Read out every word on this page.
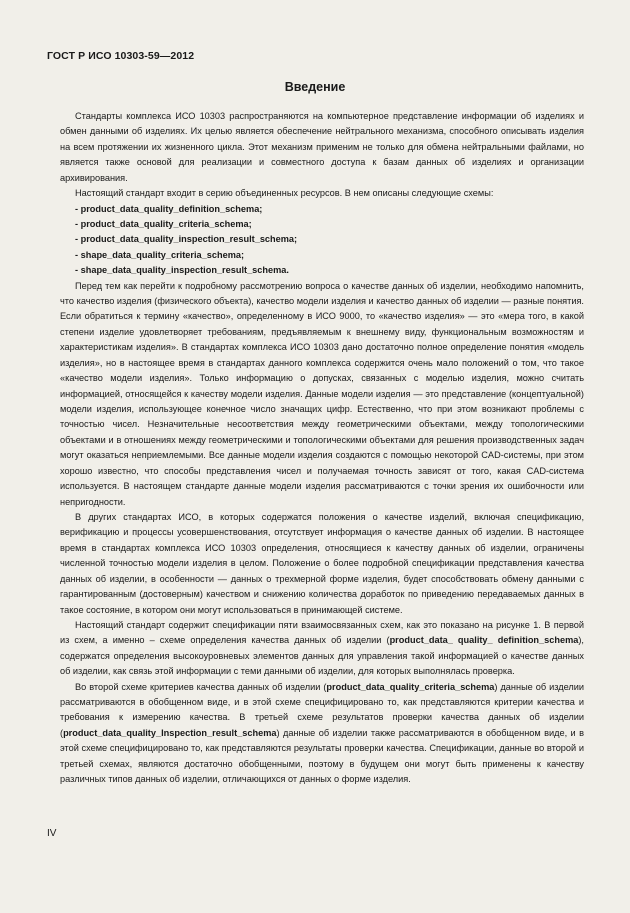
ГОСТ Р ИСО 10303-59—2012
Введение

Стандарты комплекса ИСО 10303 распространяются на компьютерное представление информации об изделиях и обмен данными об изделиях. Их целью является обеспечение нейтрального механизма, способного описывать изделия на всем протяжении их жизненного цикла. Этот механизм применим не только для обмена нейтральными файлами, но является также основой для реализации и совместного доступа к базам данных об изделиях и организации архивирования.

Настоящий стандарт входит в серию объединенных ресурсов. В нем описаны следующие схемы:

- product_data_quality_definition_schema;
- product_data_quality_criteria_schema;
- product_data_quality_inspection_result_schema;
- shape_data_quality_criteria_schema;
- shape_data_quality_inspection_result_schema.

Перед тем как перейти к подробному рассмотрению вопроса о качестве данных об изделии, необходимо напомнить, что качество изделия (физического объекта), качество модели изделия и качество данных об изделии — разные понятия. Если обратиться к термину «качество», определенному в ИСО 9000, то «качество изделия» — это «мера того, в какой степени изделие удовлетворяет требованиям, предъявляемым к внешнему виду, функциональным возможностям и характеристикам изделия». В стандартах комплекса ИСО 10303 дано достаточно полное определение понятия «модель изделия», но в настоящее время в стандартах данного комплекса содержится очень мало положений о том, что такое «качество модели изделия». Только информацию о допусках, связанных с моделью изделия, можно считать информацией, относящейся к качеству модели изделия. Данные модели изделия — это представление (концептуальной) модели изделия, использующее конечное число значащих цифр. Естественно, что при этом возникают проблемы с точностью чисел. Незначительные несоответствия между геометрическими объектами, между топологическими объектами и в отношениях между геометрическими и топологическими объектами для решения производственных задач могут оказаться неприемлемыми. Все данные модели изделия создаются с помощью некоторой CAD-системы, при этом хорошо известно, что способы представления чисел и получаемая точность зависят от того, какая CAD-система используется. В настоящем стандарте данные модели изделия рассматриваются с точки зрения их ошибочности или непригодности.

В других стандартах ИСО, в которых содержатся положения о качестве изделий, включая спецификацию, верификацию и процессы усовершенствования, отсутствует информация о качестве данных об изделии. В настоящее время в стандартах комплекса ИСО 10303 определения, относящиеся к качеству данных об изделии, ограничены численной точностью модели изделия в целом. Положение о более подробной спецификации представления качества данных об изделии, в особенности — данных о трехмерной форме изделия, будет способствовать обмену данными с гарантированным (достоверным) качеством и снижению количества доработок по приведению передаваемых данных в такое состояние, в котором они могут использоваться в принимающей системе.

Настоящий стандарт содержит спецификации пяти взаимосвязанных схем, как это показано на рисунке 1. В первой из схем, а именно – схеме определения качества данных об изделии (product_data_ quality_ definition_schema), содержатся определения высокоуровневых элементов данных для управления такой информацией о качестве данных об изделии, как связь этой информации с теми данными об изделии, для которых выполнялась проверка.

Во второй схеме критериев качества данных об изделии (product_data_quality_criteria_schema) данные об изделии рассматриваются в обобщенном виде, и в этой схеме специфицировано то, как представляются критерии качества и требования к измерению качества. В третьей схеме результатов проверки качества данных об изделии (product_data_quality_Inspection_result_schema) данные об изделии также рассматриваются в обобщенном виде, и в этой схеме специфицировано то, как представляются результаты проверки качества. Спецификации, данные во второй и третьей схемах, являются достаточно обобщенными, поэтому в будущем они могут быть применены к качеству различных типов данных об изделии, отличающихся от данных о форме изделия.

IV
